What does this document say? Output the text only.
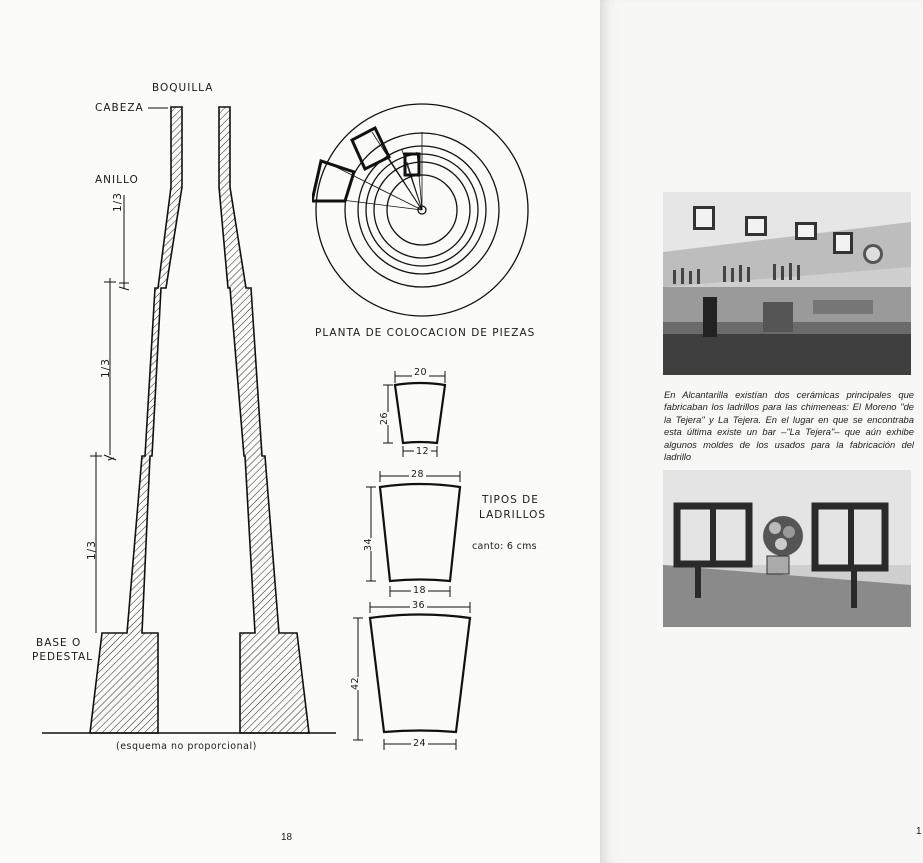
BOQUILLA
CABEZA
ANILLO
1/3
1/3
1/3
BASE O
PEDESTAL
(esquema no proporcional)
PLANTA DE COLOCACION DE PIEZAS
20
26
12
28
34
18
36
42
24
TIPOS DE
LADRILLOS
canto: 6 cms
En Alcantarilla existían dos cerámicas principales que fabricaban los ladrillos para las chimeneas: El Moreno "de la Tejera" y La Tejera. En el lugar en que se encontraba esta última existe un bar –"La Tejera"– que aún exhibe algunos moldes de los usados para la fabricación del ladrillo
18
1
